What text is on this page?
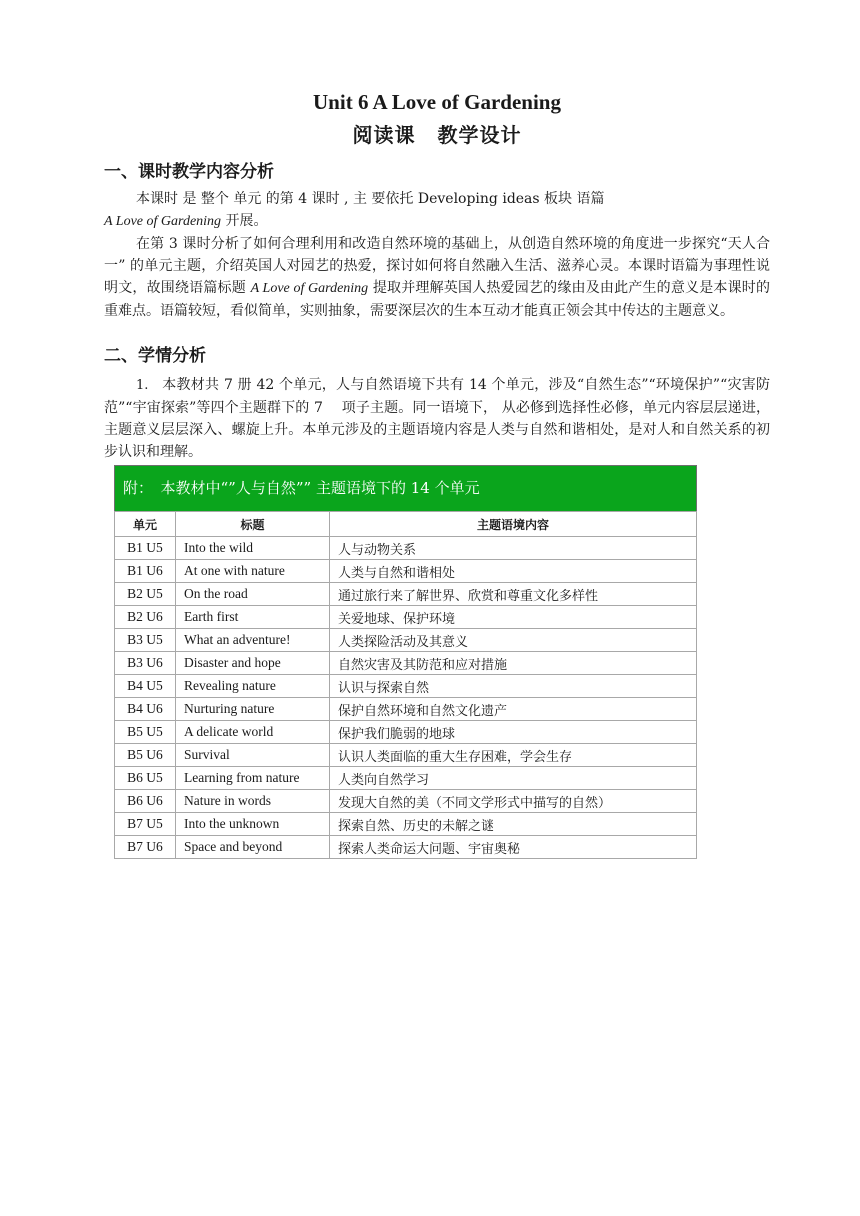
Unit 6 A Love of Gardening
阅读课 教学设计
一、课时教学内容分析

本课时 是 整个 单元 的第 4 课时 , 主 要依托 Developing ideas 板块 语篇

A Love of Gardening 开展。

在第 3 课时分析了如何合理利用和改造自然环境的基础上，从创造自然环境的角度进一步探究“天人合一” 的单元主题，介绍英国人对园艺的热爱，探讨如何将自然融入生活、滋养心灵。本课时语篇为事理性说明文，故围绕语篇标题 A Love of Gardening 提取并理解英国人热爱园艺的缘由及由此产生的意义是本课时的重难点。语篇较短，看似简单，实则抽象，需要深层次的生本互动才能真正领会其中传达的主题意义。

二、学情分析

1. 本教材共 7 册 42 个单元，人与自然语境下共有 14 个单元，涉及“自然生态”“环境保护”“灾害防范”“宇宙探索”等四个主题群下的 7　 项子主题。同一语境下， 从必修到选择性必修，单元内容层层递进，主题意义层层深入、螺旋上升。本单元涉及的主题语境内容是人类与自然和谐相处，是对人和自然关系的初步认识和理解。

附：　本教材中“”人与自然”” 主题语境下的 14 个单元
单元	标题	主题语境内容
B1 U5	Into the wild	人与动物关系
B1 U6	At one with nature	人类与自然和谐相处
B2 U5	On the road	通过旅行来了解世界、欣赏和尊重文化多样性
B2 U6	Earth first	关爱地球、保护环境
B3 U5	What an adventure!	人类探险活动及其意义
B3 U6	Disaster and hope	自然灾害及其防范和应对措施
B4 U5	Revealing nature	认识与探索自然
B4 U6	Nurturing nature	保护自然环境和自然文化遗产
B5 U5	A delicate world	保护我们脆弱的地球
B5 U6	Survival	认识人类面临的重大生存困难，学会生存
B6 U5	Learning from nature	人类向自然学习
B6 U6	Nature in words	发现大自然的美（不同文学形式中描写的自然）
B7 U5	Into the unknown	探索自然、历史的未解之谜
B7 U6	Space and beyond	探索人类命运大问题、宇宙奥秘
